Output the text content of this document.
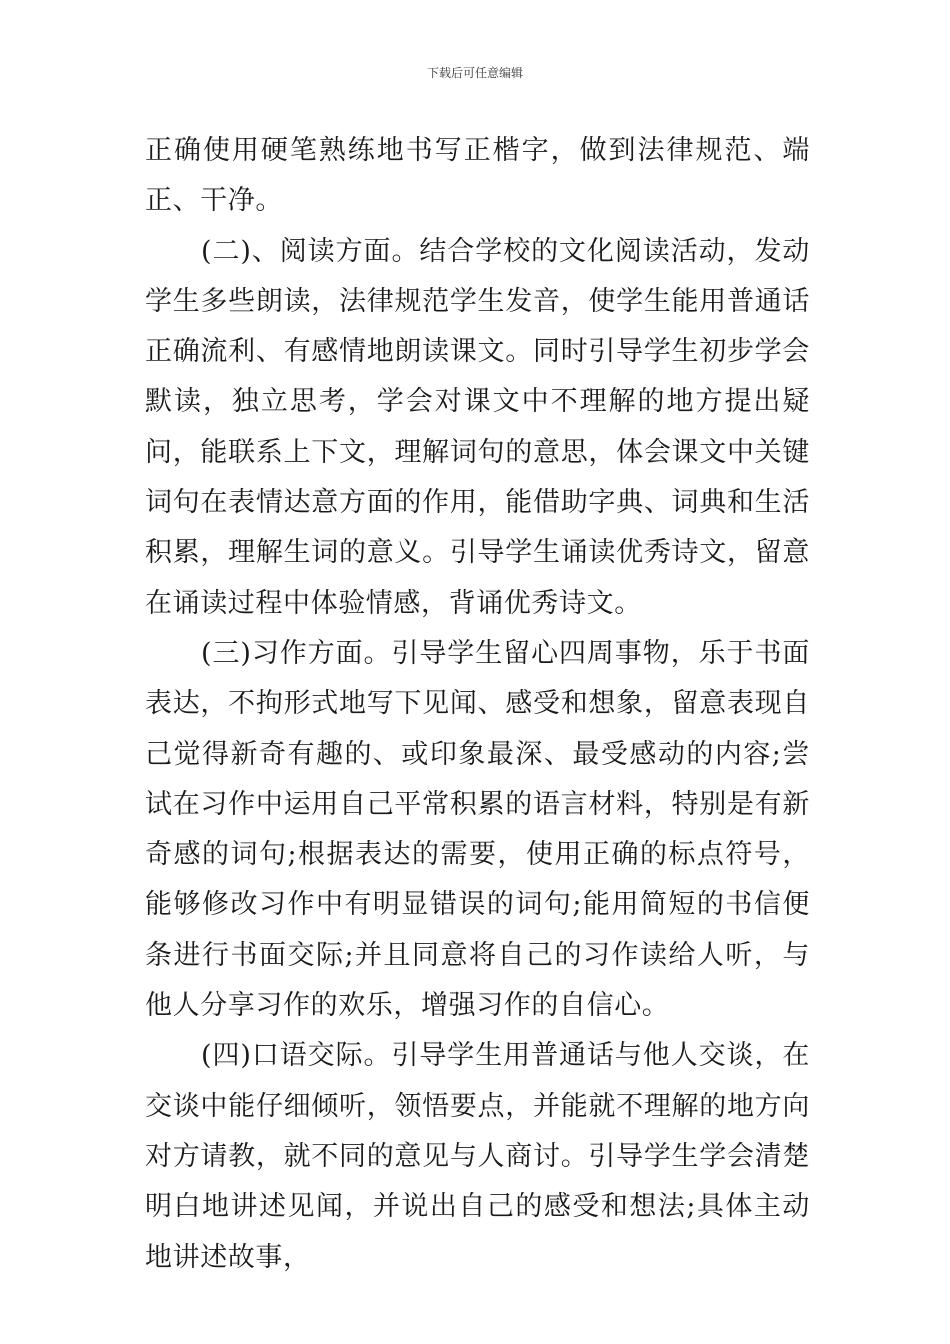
下载后可任意编辑

正确使用硬笔熟练地书写正楷字，做到法律规范、端正、干净。

(二)、阅读方面。结合学校的文化阅读活动，发动学生多些朗读，法律规范学生发音，使学生能用普通话正确流利、有感情地朗读课文。同时引导学生初步学会默读，独立思考，学会对课文中不理解的地方提出疑问，能联系上下文，理解词句的意思，体会课文中关键词句在表情达意方面的作用，能借助字典、词典和生活积累，理解生词的意义。引导学生诵读优秀诗文，留意在诵读过程中体验情感，背诵优秀诗文。

(三)习作方面。引导学生留心四周事物，乐于书面表达，不拘形式地写下见闻、感受和想象，留意表现自己觉得新奇有趣的、或印象最深、最受感动的内容;尝试在习作中运用自己平常积累的语言材料，特别是有新奇感的词句;根据表达的需要，使用正确的标点符号，能够修改习作中有明显错误的词句;能用简短的书信便条进行书面交际;并且同意将自己的习作读给人听，与他人分享习作的欢乐，增强习作的自信心。

(四)口语交际。引导学生用普通话与他人交谈，在交谈中能仔细倾听，领悟要点，并能就不理解的地方向对方请教，就不同的意见与人商讨。引导学生学会清楚明白地讲述见闻，并说出自己的感受和想法;具体主动地讲述故事，
